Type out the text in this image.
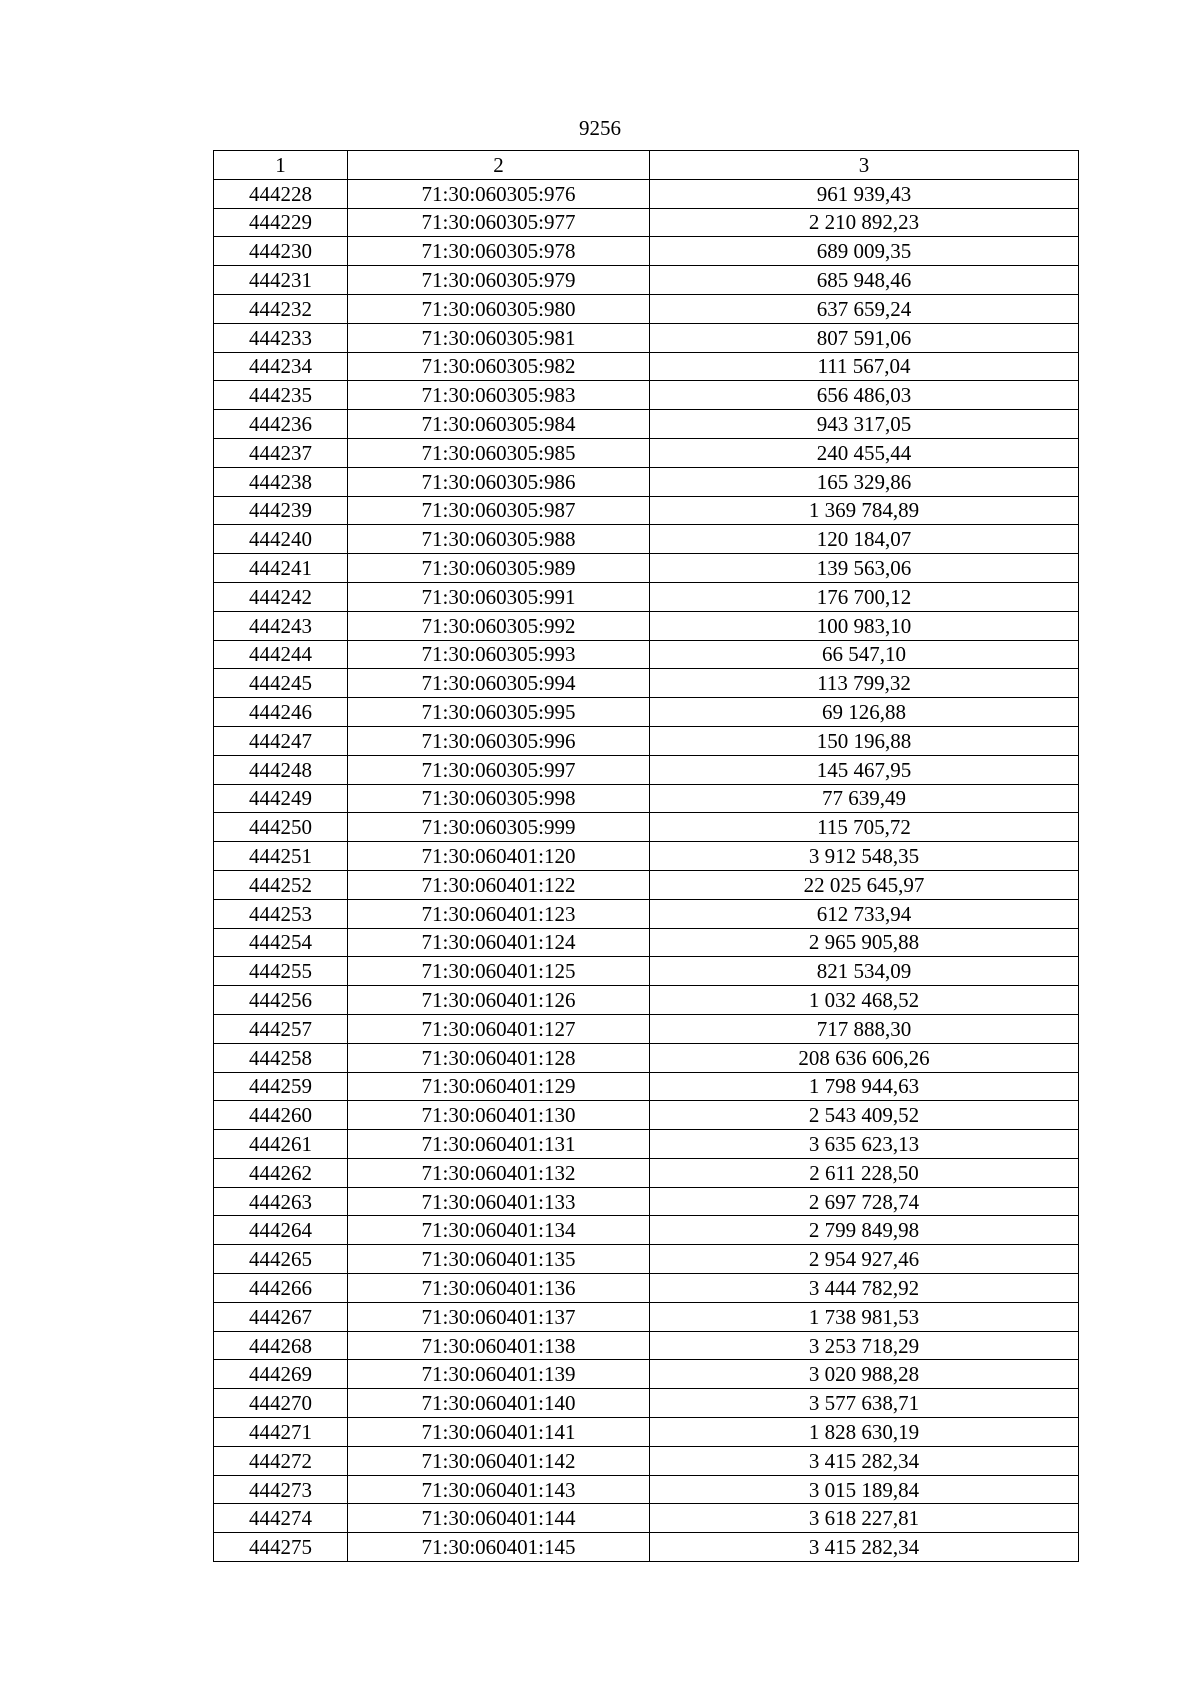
9256
1	2	3
444228	71:30:060305:976	961 939,43
444229	71:30:060305:977	2 210 892,23
444230	71:30:060305:978	689 009,35
444231	71:30:060305:979	685 948,46
444232	71:30:060305:980	637 659,24
444233	71:30:060305:981	807 591,06
444234	71:30:060305:982	111 567,04
444235	71:30:060305:983	656 486,03
444236	71:30:060305:984	943 317,05
444237	71:30:060305:985	240 455,44
444238	71:30:060305:986	165 329,86
444239	71:30:060305:987	1 369 784,89
444240	71:30:060305:988	120 184,07
444241	71:30:060305:989	139 563,06
444242	71:30:060305:991	176 700,12
444243	71:30:060305:992	100 983,10
444244	71:30:060305:993	66 547,10
444245	71:30:060305:994	113 799,32
444246	71:30:060305:995	69 126,88
444247	71:30:060305:996	150 196,88
444248	71:30:060305:997	145 467,95
444249	71:30:060305:998	77 639,49
444250	71:30:060305:999	115 705,72
444251	71:30:060401:120	3 912 548,35
444252	71:30:060401:122	22 025 645,97
444253	71:30:060401:123	612 733,94
444254	71:30:060401:124	2 965 905,88
444255	71:30:060401:125	821 534,09
444256	71:30:060401:126	1 032 468,52
444257	71:30:060401:127	717 888,30
444258	71:30:060401:128	208 636 606,26
444259	71:30:060401:129	1 798 944,63
444260	71:30:060401:130	2 543 409,52
444261	71:30:060401:131	3 635 623,13
444262	71:30:060401:132	2 611 228,50
444263	71:30:060401:133	2 697 728,74
444264	71:30:060401:134	2 799 849,98
444265	71:30:060401:135	2 954 927,46
444266	71:30:060401:136	3 444 782,92
444267	71:30:060401:137	1 738 981,53
444268	71:30:060401:138	3 253 718,29
444269	71:30:060401:139	3 020 988,28
444270	71:30:060401:140	3 577 638,71
444271	71:30:060401:141	1 828 630,19
444272	71:30:060401:142	3 415 282,34
444273	71:30:060401:143	3 015 189,84
444274	71:30:060401:144	3 618 227,81
444275	71:30:060401:145	3 415 282,34
